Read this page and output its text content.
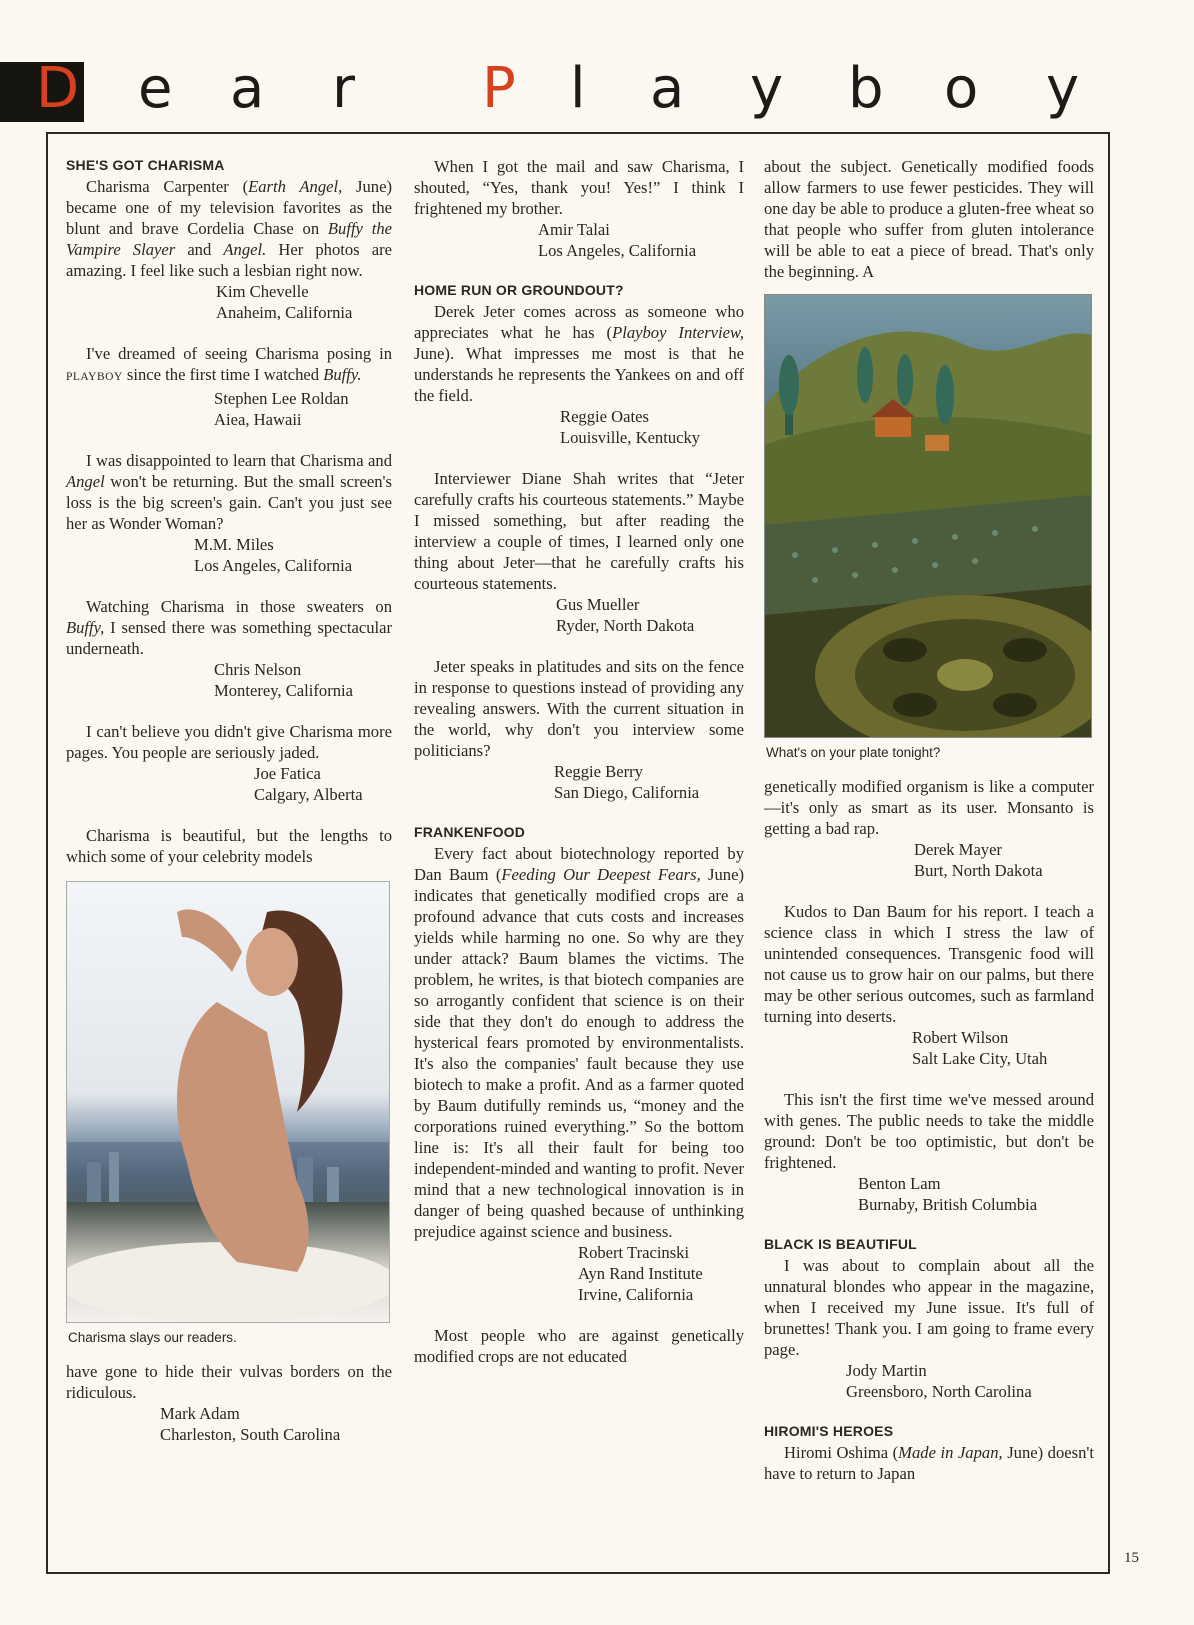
D e a r P l a y b o y
SHE'S GOT CHARISMA

Charisma Carpenter (Earth Angel, June) became one of my television favorites as the blunt and brave Cordelia Chase on Buffy the Vampire Slayer and Angel. Her photos are amazing. I feel like such a lesbian right now.

Kim Chevelle
Anaheim, California

I've dreamed of seeing Charisma posing in PLAYBOY since the first time I watched Buffy.

Stephen Lee Roldan
Aiea, Hawaii

I was disappointed to learn that Charisma and Angel won't be returning. But the small screen's loss is the big screen's gain. Can't you just see her as Wonder Woman?

M.M. Miles
Los Angeles, California

Watching Charisma in those sweaters on Buffy, I sensed there was something spectacular underneath.

Chris Nelson
Monterey, California

I can't believe you didn't give Charisma more pages. You people are seriously jaded.

Joe Fatica
Calgary, Alberta

Charisma is beautiful, but the lengths to which some of your celebrity models

Charisma slays our readers.

have gone to hide their vulvas borders on the ridiculous.

Mark Adam
Charleston, South Carolina

When I got the mail and saw Charisma, I shouted, “Yes, thank you! Yes!” I think I frightened my brother.

Amir Talai
Los Angeles, California
HOME RUN OR GROUNDOUT?

Derek Jeter comes across as someone who appreciates what he has (Playboy Interview, June). What impresses me most is that he understands he represents the Yankees on and off the field.

Reggie Oates
Louisville, Kentucky

Interviewer Diane Shah writes that “Jeter carefully crafts his courteous statements.” Maybe I missed something, but after reading the interview a couple of times, I learned only one thing about Jeter—that he carefully crafts his courteous statements.

Gus Mueller
Ryder, North Dakota

Jeter speaks in platitudes and sits on the fence in response to questions instead of providing any revealing answers. With the current situation in the world, why don't you interview some politicians?

Reggie Berry
San Diego, California
FRANKENFOOD

Every fact about biotechnology reported by Dan Baum (Feeding Our Deepest Fears, June) indicates that genetically modified crops are a profound advance that cuts costs and increases yields while harming no one. So why are they under attack? Baum blames the victims. The problem, he writes, is that biotech companies are so arrogantly confident that science is on their side that they don't do enough to address the hysterical fears promoted by environmentalists. It's also the companies' fault because they use biotech to make a profit. And as a farmer quoted by Baum dutifully reminds us, “money and the corporations ruined everything.” So the bottom line is: It's all their fault for being too independent-minded and wanting to profit. Never mind that a new technological innovation is in danger of being quashed because of unthinking prejudice against science and business.

Robert Tracinski
Ayn Rand Institute
Irvine, California

Most people who are against genetically modified crops are not educated

about the subject. Genetically modified foods allow farmers to use fewer pesticides. They will one day be able to produce a gluten-free wheat so that people who suffer from gluten intolerance will be able to eat a piece of bread. That's only the beginning. A

What's on your plate tonight?

genetically modified organism is like a computer—it's only as smart as its user. Monsanto is getting a bad rap.

Derek Mayer
Burt, North Dakota

Kudos to Dan Baum for his report. I teach a science class in which I stress the law of unintended consequences. Transgenic food will not cause us to grow hair on our palms, but there may be other serious outcomes, such as farmland turning into deserts.

Robert Wilson
Salt Lake City, Utah

This isn't the first time we've messed around with genes. The public needs to take the middle ground: Don't be too optimistic, but don't be frightened.

Benton Lam
Burnaby, British Columbia
BLACK IS BEAUTIFUL

I was about to complain about all the unnatural blondes who appear in the magazine, when I received my June issue. It's full of brunettes! Thank you. I am going to frame every page.

Jody Martin
Greensboro, North Carolina
HIROMI'S HEROES

Hiromi Oshima (Made in Japan, June) doesn't have to return to Japan

15
